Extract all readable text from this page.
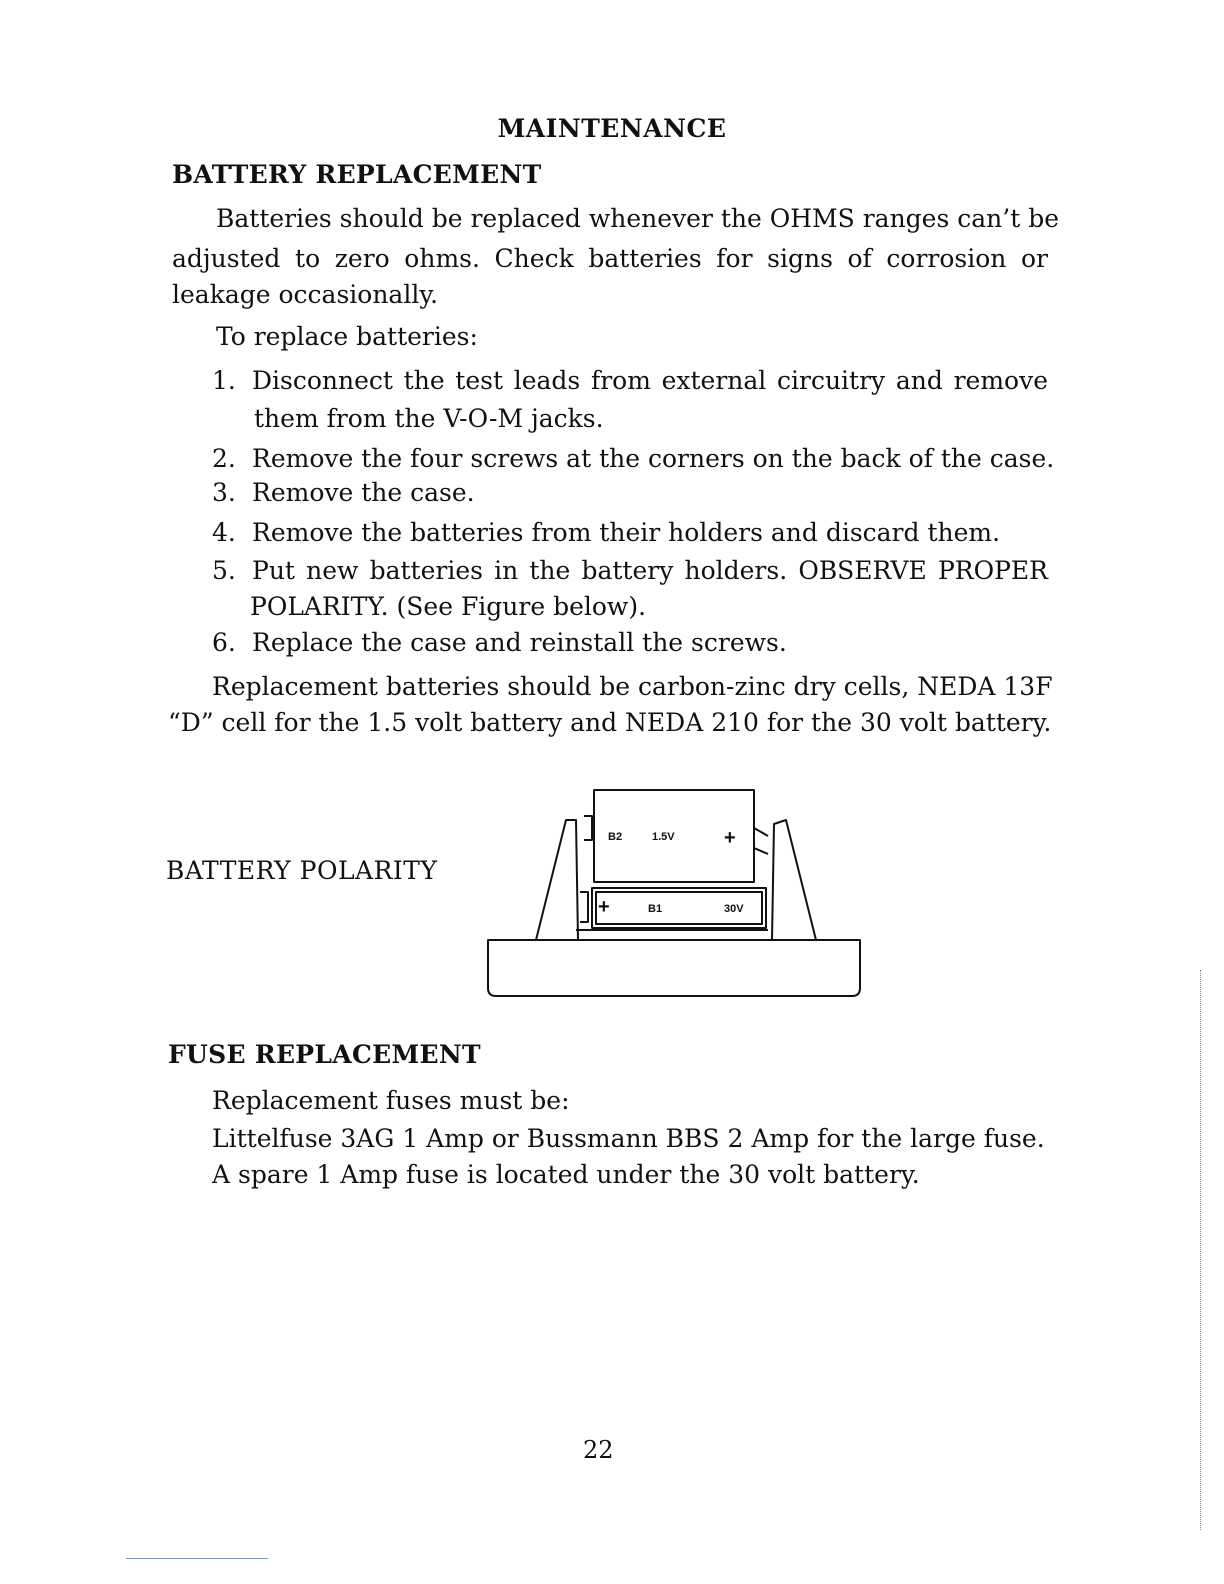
MAINTENANCE
BATTERY REPLACEMENT

Batteries should be replaced whenever the OHMS ranges can’t be

adjusted to zero ohms. Check batteries for signs of corrosion or

leakage occasionally.

To replace batteries:

1. Disconnect the test leads from external circuitry and remove

them from the V-O-M jacks.

2. Remove the four screws at the corners on the back of the case.
3. Remove the case.
4. Remove the batteries from their holders and discard them.
5. Put new batteries in the battery holders. OBSERVE PROPER

POLARITY. (See Figure below).

6. Replace the case and reinstall the screws.

Replacement batteries should be carbon-zinc dry cells, NEDA 13F

“D” cell for the 1.5 volt battery and NEDA 210 for the 30 volt battery.

BATTERY POLARITY

B2	1.5V +
+	B1	30V
FUSE REPLACEMENT

Replacement fuses must be:

Littelfuse 3AG 1 Amp or Bussmann BBS 2 Amp for the large fuse.

A spare 1 Amp fuse is located under the 30 volt battery.

22
